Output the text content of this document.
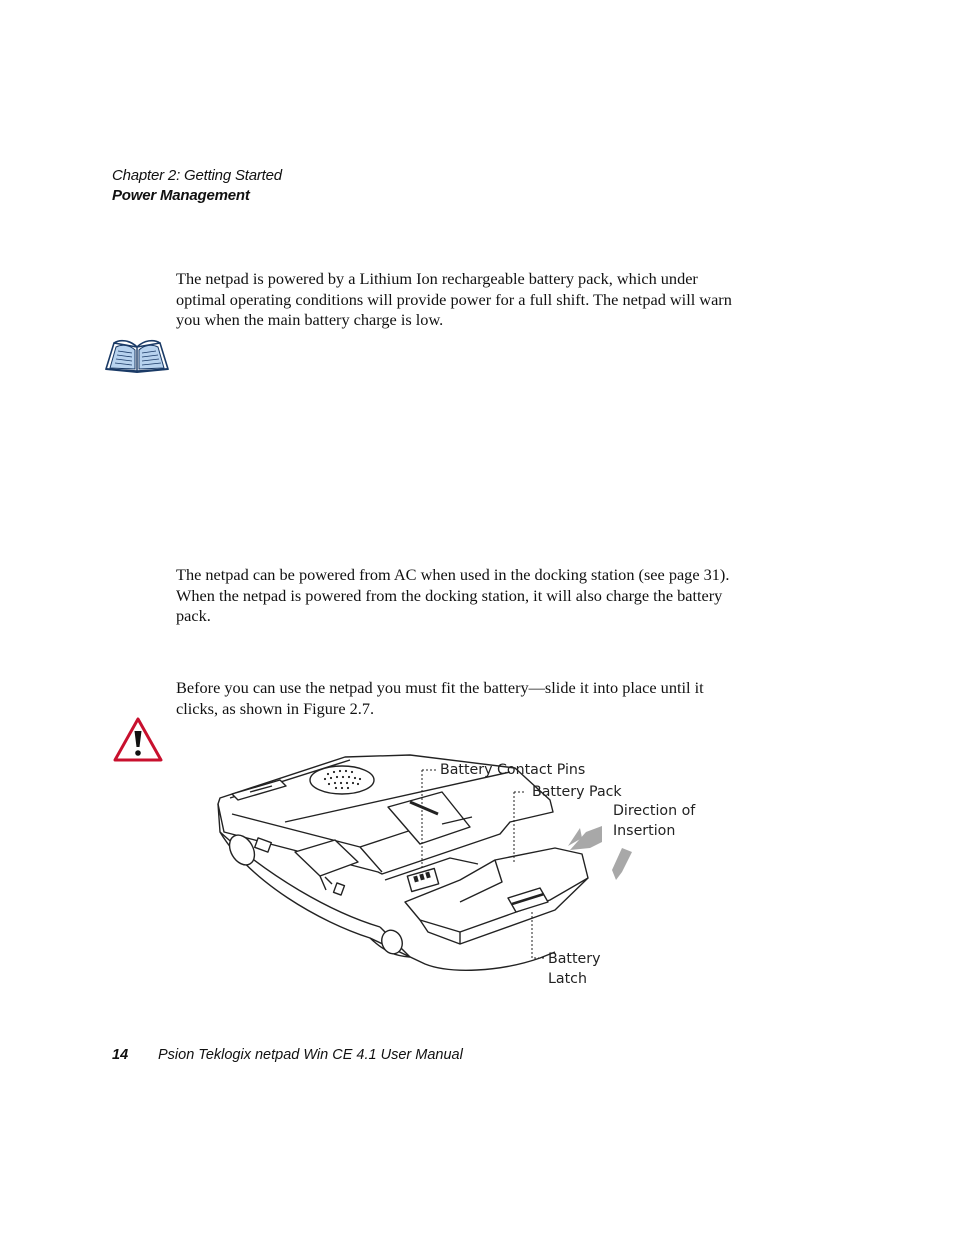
Chapter 2: Getting Started
Power Management
The netpad is powered by a Lithium Ion rechargeable battery pack, which under optimal operating conditions will provide power for a full shift. The netpad will warn you when the main battery charge is low.
The netpad can be powered from AC when used in the docking station (see page 31). When the netpad is powered from the docking station, it will also charge the battery pack.
Before you can use the netpad you must fit the battery—slide it into place until it clicks, as shown in Figure 2.7.
Battery Contact Pins
Battery Pack
Direction of
Insertion
Battery
Latch
14 Psion Teklogix netpad Win CE 4.1 User Manual
